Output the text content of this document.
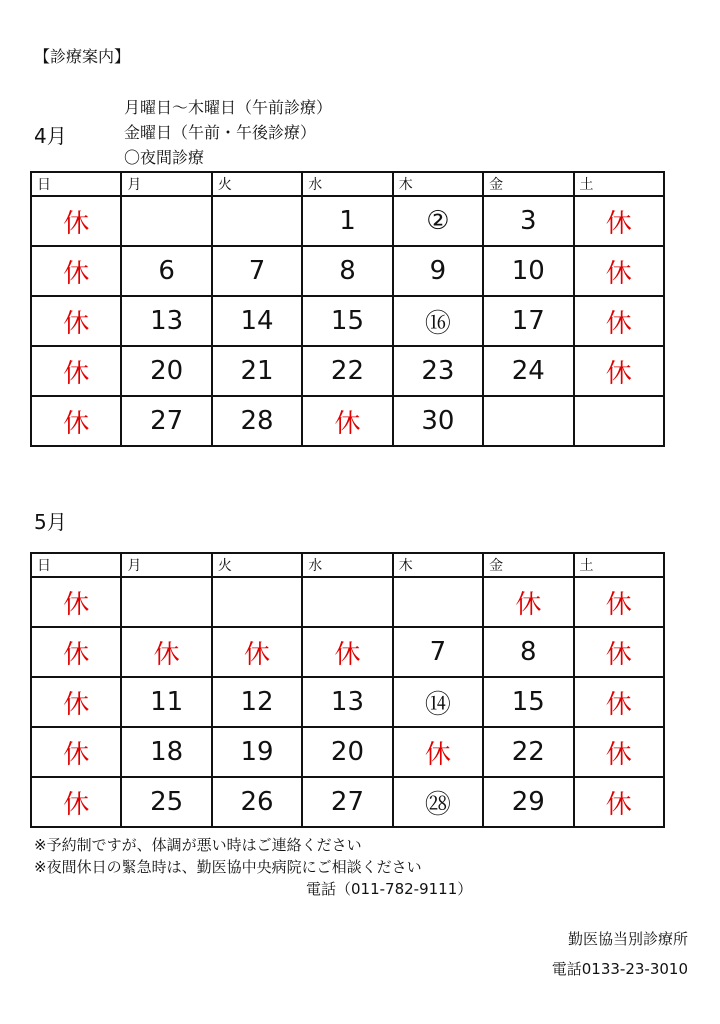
【診療案内】
月曜日～木曜日（午前診療）
金曜日（午前・午後診療）
〇夜間診療
4月
日	月	火	水	木	金	土
休			1	②	3	休
休	6	7	8	9	10	休
休	13	14	15	⑯	17	休
休	20	21	22	23	24	休
休	27	28	休	30		
5月
日	月	火	水	木	金	土
休					休	休
休	休	休	休	7	8	休
休	11	12	13	⑭	15	休
休	18	19	20	休	22	休
休	25	26	27	㉘	29	休
※予約制ですが、体調が悪い時はご連絡ください
※夜間休日の緊急時は、勤医協中央病院にご相談ください
電話（011-782-9111）
勤医協当別診療所
電話0133-23-3010
